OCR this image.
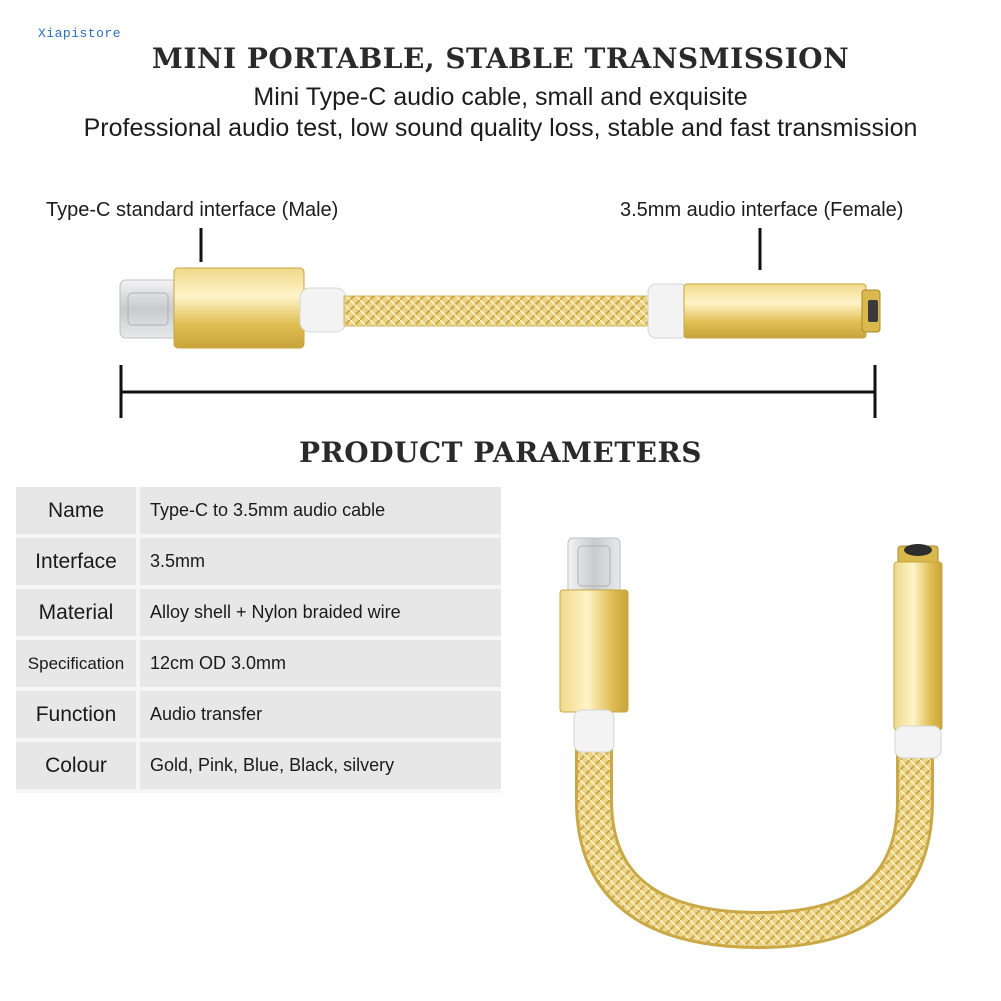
Xiapistore
MINI PORTABLE, STABLE TRANSMISSION
Mini Type-C audio cable, small and exquisite
Professional audio test, low sound quality loss, stable and fast transmission
Type-C standard interface (Male)	3.5mm audio interface (Female)
PRODUCT PARAMETERS
Name	Type-C to 3.5mm audio cable
Interface	3.5mm
Material	Alloy shell + Nylon braided wire
Specification	12cm OD 3.0mm
Function	Audio transfer
Colour	Gold, Pink, Blue, Black, silvery
